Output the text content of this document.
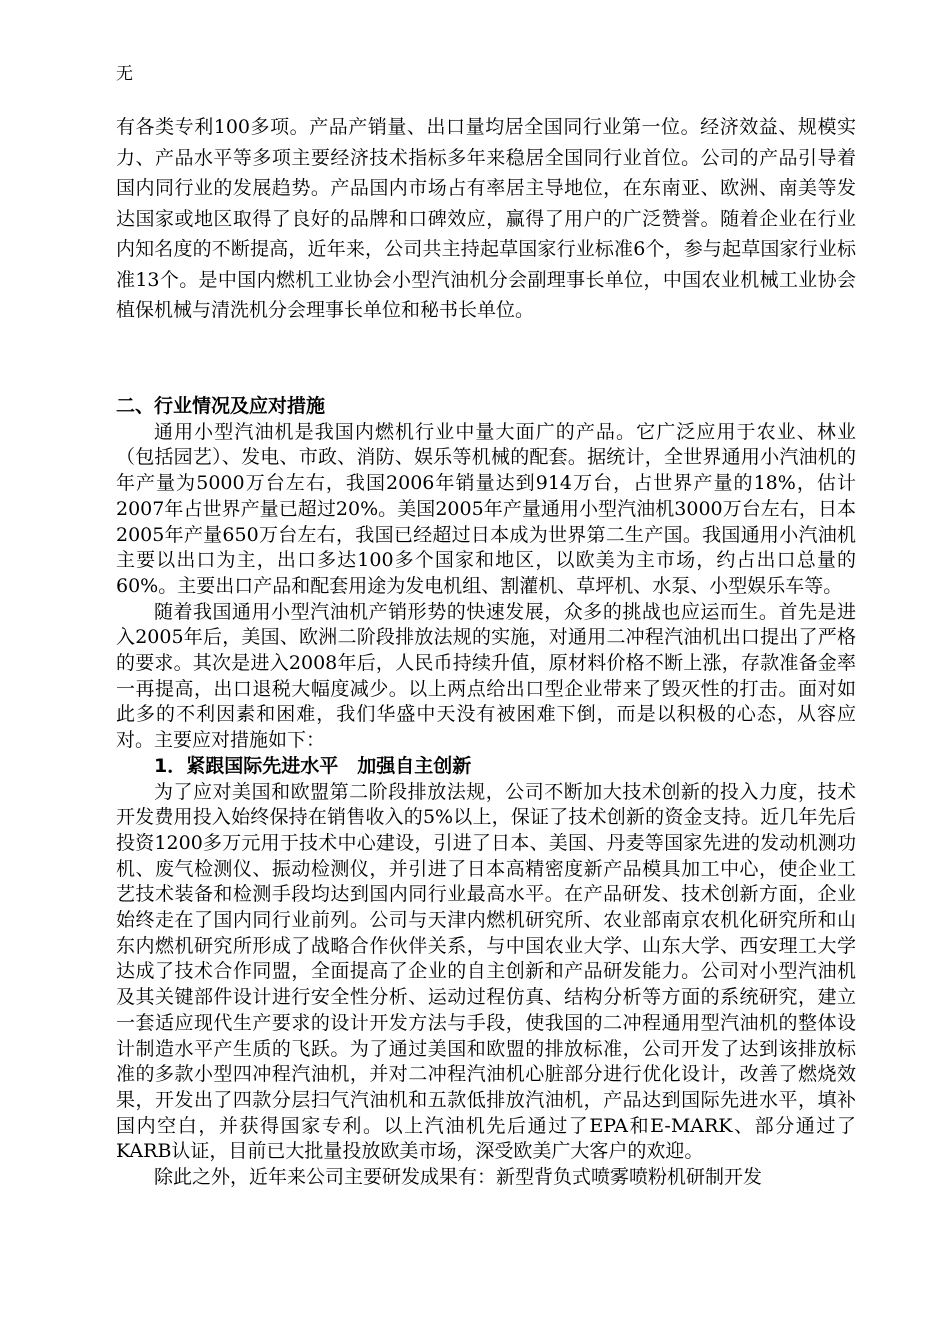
无

有各类专利100多项。产品产销量、出口量均居全国同行业第一位。经济效益、规模实力、产品水平等多项主要经济技术指标多年来稳居全国同行业首位。公司的产品引导着国内同行业的发展趋势。产品国内市场占有率居主导地位，在东南亚、欧洲、南美等发达国家或地区取得了良好的品牌和口碑效应，赢得了用户的广泛赞誉。随着企业在行业内知名度的不断提高，近年来，公司共主持起草国家行业标准6个，参与起草国家行业标准13个。是中国内燃机工业协会小型汽油机分会副理事长单位，中国农业机械工业协会植保机械与清洗机分会理事长单位和秘书长单位。

二、行业情况及应对措施

通用小型汽油机是我国内燃机行业中量大面广的产品。它广泛应用于农业、林业（包括园艺）、发电、市政、消防、娱乐等机械的配套。据统计，全世界通用小汽油机的年产量为5000万台左右，我国2006年销量达到914万台，占世界产量的18%，估计2007年占世界产量已超过20%。美国2005年产量通用小型汽油机3000万台左右，日本2005年产量650万台左右，我国已经超过日本成为世界第二生产国。我国通用小汽油机主要以出口为主，出口多达100多个国家和地区，以欧美为主市场，约占出口总量的60%。主要出口产品和配套用途为发电机组、割灌机、草坪机、水泵、小型娱乐车等。

随着我国通用小型汽油机产销形势的快速发展，众多的挑战也应运而生。首先是进入2005年后，美国、欧洲二阶段排放法规的实施，对通用二冲程汽油机出口提出了严格的要求。其次是进入2008年后，人民币持续升值，原材料价格不断上涨，存款准备金率一再提高，出口退税大幅度减少。以上两点给出口型企业带来了毁灭性的打击。面对如此多的不利因素和困难，我们华盛中天没有被困难下倒，而是以积极的心态，从容应对。主要应对措施如下：

1．紧跟国际先进水平　加强自主创新

为了应对美国和欧盟第二阶段排放法规，公司不断加大技术创新的投入力度，技术开发费用投入始终保持在销售收入的5%以上，保证了技术创新的资金支持。近几年先后投资1200多万元用于技术中心建设，引进了日本、美国、丹麦等国家先进的发动机测功机、废气检测仪、振动检测仪，并引进了日本高精密度新产品模具加工中心，使企业工艺技术装备和检测手段均达到国内同行业最高水平。在产品研发、技术创新方面，企业始终走在了国内同行业前列。公司与天津内燃机研究所、农业部南京农机化研究所和山东内燃机研究所形成了战略合作伙伴关系，与中国农业大学、山东大学、西安理工大学达成了技术合作同盟，全面提高了企业的自主创新和产品研发能力。公司对小型汽油机及其关键部件设计进行安全性分析、运动过程仿真、结构分析等方面的系统研究，建立一套适应现代生产要求的设计开发方法与手段，使我国的二冲程通用型汽油机的整体设计制造水平产生质的飞跃。为了通过美国和欧盟的排放标准，公司开发了达到该排放标准的多款小型四冲程汽油机，并对二冲程汽油机心脏部分进行优化设计，改善了燃烧效果，开发出了四款分层扫气汽油机和五款低排放汽油机，产品达到国际先进水平，填补国内空白，并获得国家专利。以上汽油机先后通过了EPA和E-MARK、部分通过了KARB认证，目前已大批量投放欧美市场，深受欧美广大客户的欢迎。

除此之外，近年来公司主要研发成果有：新型背负式喷雾喷粉机研制开发
